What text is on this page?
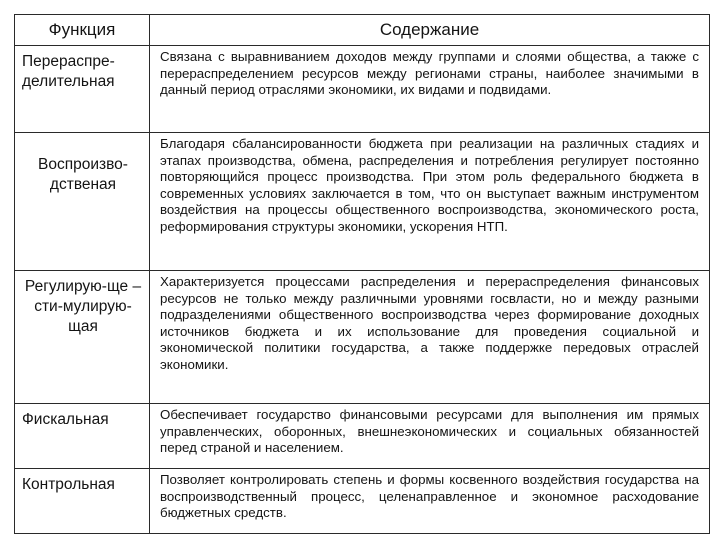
Функция	Содержание
Перераспре-делительная	Связана с выравниванием доходов между группами и слоями общества, а также с перераспределением ресурсов между регионами страны, наиболее значимыми в данный период отраслями экономики, их видами и подвидами.
Воспроизво-дственая	Благодаря сбалансированности бюджета при реализации на различных стадиях и этапах производства, обмена, распределения и потребления регулирует постоянно повторяющийся процесс производства. При этом роль федерального бюджета в современных условиях заключается в том, что он выступает важным инструментом воздействия на процессы общественного воспроизводства, экономического роста, реформирования структуры экономики, ускорения НТП.
Регулирую-ще – сти-мулирую-щая	Характеризуется процессами распределения и перераспределения финансовых ресурсов не только между различными уровнями госвласти, но и между разными подразделениями общественного воспроизводства через формирование доходных источников бюджета и их использование для проведения социальной и экономической политики государства, а также поддержке передовых отраслей экономики.
Фискальная	Обеспечивает государство финансовыми ресурсами для выполнения им прямых управленческих, оборонных, внешнеэкономических и социальных обязанностей перед страной и населением.
Контрольная	Позволяет контролировать степень и формы косвенного воздействия государства на воспроизводственный процесс, целенаправленное и экономное расходование бюджетных средств.
